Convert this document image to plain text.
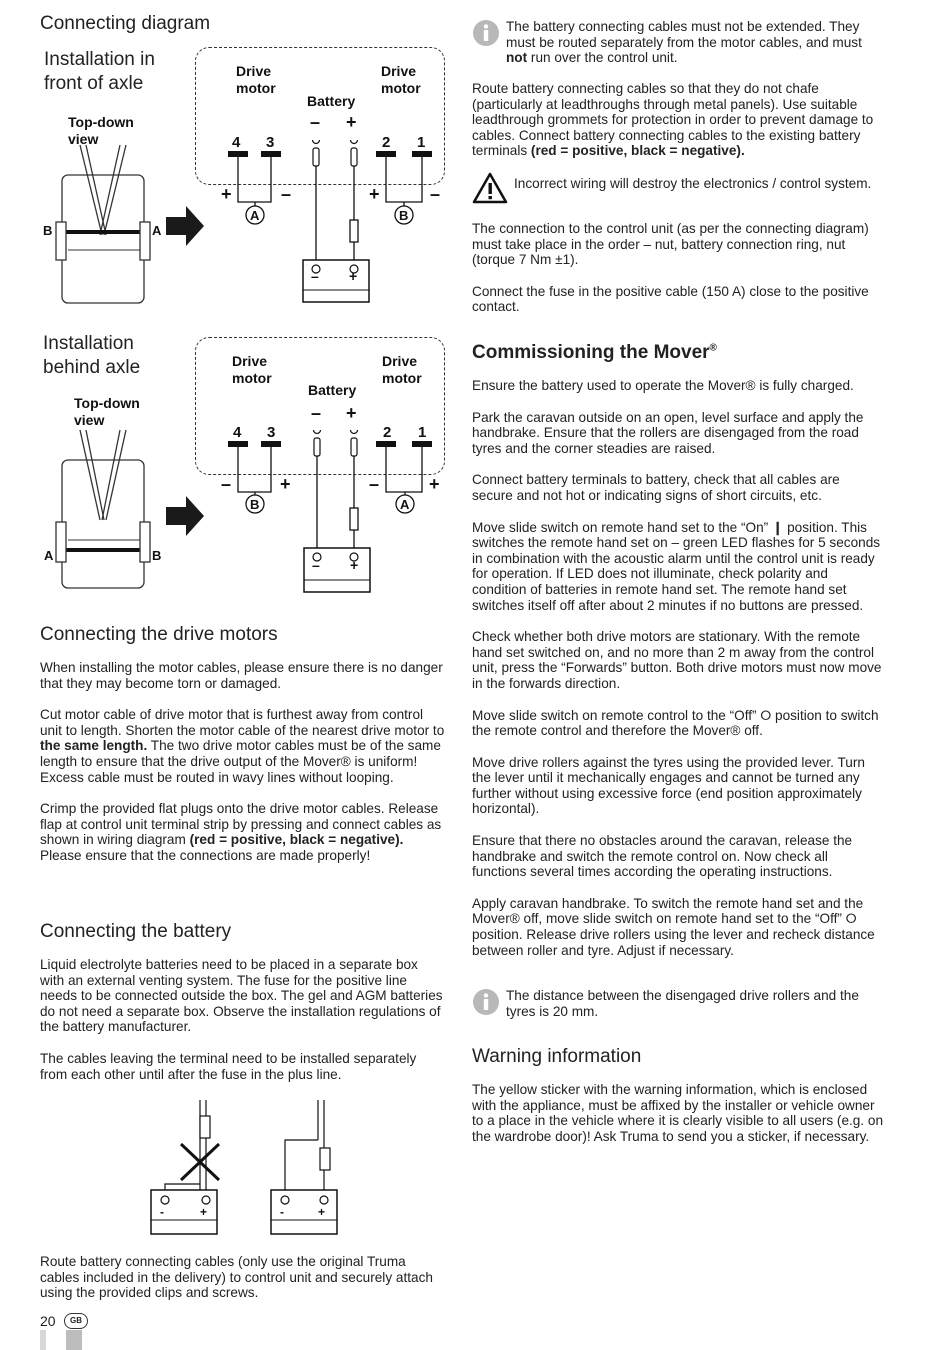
Connecting diagram
Installation in
front of axle
Top-down view
B	A
Drive motor
Drive motor
Battery
– +
4 3	2 1
A	B
+	–	+	–
– +
Installation
behind axle
Top-down view
A	B
Drive motor
Drive motor
Battery
– +
4 3	2 1
B	A
–	+	–	+
– +
Connecting the drive motors

When installing the motor cables, please ensure there is no danger that they may become torn or damaged.

Cut motor cable of drive motor that is furthest away from control unit to length. Shorten the motor cable of the nearest drive motor to the same length. The two drive motor cables must be of the same length to ensure that the drive output of the Mover® is uniform! Excess cable must be routed in wavy lines without looping.

Crimp the provided flat plugs onto the drive motor cables. Release flap at control unit terminal strip by pressing and connect cables as shown in wiring diagram (red = positive, black = negative). Please ensure that the connections are made properly!

Connecting the battery

Liquid electrolyte batteries need to be placed in a separate box with an external venting system. The fuse for the positive line needs to be connected outside the box. The gel and AGM batteries do not need a separate box. Observe the installation regulations of the battery manufacturer.

The cables leaving the terminal need to be installed separately from each other until after the fuse in the plus line.

-	+	-	+

Route battery connecting cables (only use the original Truma cables included in the delivery) to control unit and securely attach using the provided clips and screws.

20	GB

The battery connecting cables must not be extended. They must be routed separately from the motor cables, and must not run over the control unit.

Route battery connecting cables so that they do not chafe (particularly at leadthroughs through metal panels). Use suitable leadthrough grommets for protection in order to prevent damage to cables. Connect battery connecting cables to the existing battery terminals (red = positive, black = negative).

Incorrect wiring will destroy the electronics / control system.

The connection to the control unit (as per the connecting diagram) must take place in the order – nut, battery connection ring, nut (torque 7 Nm ±1).

Connect the fuse in the positive cable (150 A) close to the positive contact.

Commissioning the Mover®

Ensure the battery used to operate the Mover® is fully charged.

Park the caravan outside on an open, level surface and apply the handbrake. Ensure that the rollers are disengaged from the road tyres and the corner steadies are raised.

Connect battery terminals to battery, check that all cables are secure and not hot or indicating signs of short circuits, etc.

Move slide switch on remote hand set to the “On” ❙ position. This switches the remote hand set on – green LED flashes for 5 seconds in combination with the acoustic alarm until the control unit is ready for operation. If LED does not illuminate, check polarity and condition of batteries in remote hand set. The remote hand set switches itself off after about 2 minutes if no buttons are pressed.

Check whether both drive motors are stationary. With the remote hand set switched on, and no more than 2 m away from the control unit, press the “Forwards” button. Both drive motors must now move in the forwards direction.

Move slide switch on remote control to the “Off” ⭘ position to switch the remote control and therefore the Mover® off.

Move drive rollers against the tyres using the provided lever. Turn the lever until it mechanically engages and cannot be turned any further without using excessive force (end position approximately horizontal).

Ensure that there no obstacles around the caravan, release the handbrake and switch the remote control on. Now check all functions several times according the operating instructions.

Apply caravan handbrake. To switch the remote hand set and the Mover® off, move slide switch on remote hand set to the “Off” ⭘ position. Release drive rollers using the lever and recheck distance between roller and tyre. Adjust if necessary.

The distance between the disengaged drive rollers and the tyres is 20 mm.

Warning information

The yellow sticker with the warning information, which is enclosed with the appliance, must be affixed by the installer or vehicle owner to a place in the vehicle where it is clearly visible to all users (e.g. on the wardrobe door)! Ask Truma to send you a sticker, if necessary.
